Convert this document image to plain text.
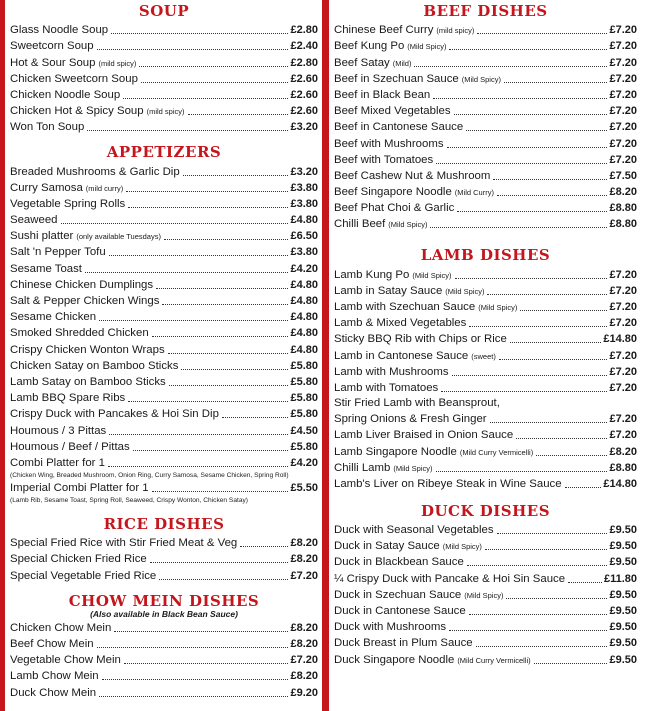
SOUP
Glass Noodle Soup	£2.80
Sweetcorn Soup	£2.40
Hot & Sour Soup (mild spicy)	£2.80
Chicken Sweetcorn Soup	£2.60
Chicken Noodle Soup	£2.60
Chicken Hot & Spicy Soup (mild spicy)	£2.60
Won Ton Soup	£3.20
APPETIZERS
Breaded Mushrooms & Garlic Dip	£3.20
Curry Samosa (mild curry)	£3.80
Vegetable Spring Rolls	£3.80
Seaweed	£4.80
Sushi platter (only available Tuesdays)	£6.50
Salt 'n Pepper Tofu	£3.80
Sesame Toast	£4.20
Chinese Chicken Dumplings	£4.80
Salt & Pepper Chicken Wings	£4.80
Sesame Chicken	£4.80
Smoked Shredded Chicken	£4.80
Crispy Chicken Wonton Wraps	£4.80
Chicken Satay on Bamboo Sticks	£5.80
Lamb Satay on Bamboo Sticks	£5.80
Lamb BBQ Spare Ribs	£5.80
Crispy Duck with Pancakes & Hoi Sin Dip	£5.80
Houmous / 3 Pittas	£4.50
Houmous / Beef / Pittas	£5.80
Combi Platter for 1	£4.20
(Chicken Wing, Breaded Mushroom, Onion Ring, Curry Samosa, Sesame Chicken, Spring Roll)
Imperial Combi Platter for 1	£5.50
(Lamb Rib, Sesame Toast, Spring Roll, Seaweed, Crispy Wonton, Chicken Satay)
RICE DISHES
Special Fried Rice with Stir Fried Meat & Veg	£8.20
Special Chicken Fried Rice	£8.20
Special Vegetable Fried Rice	£7.20
CHOW MEIN DISHES
(Also available in Black Bean Sauce)
Chicken Chow Mein	£8.20
Beef Chow Mein	£8.20
Vegetable Chow Mein	£7.20
Lamb Chow Mein	£8.20
Duck Chow Mein	£9.20
BEEF DISHES
Chinese Beef Curry (mild spicy)	£7.20
Beef Kung Po (Mild Spicy)	£7.20
Beef Satay (Mild)	£7.20
Beef in Szechuan Sauce (Mild Spicy)	£7.20
Beef in Black Bean	£7.20
Beef Mixed Vegetables	£7.20
Beef in Cantonese Sauce	£7.20
Beef with Mushrooms	£7.20
Beef with Tomatoes	£7.20
Beef Cashew Nut & Mushroom	£7.50
Beef Singapore Noodle (Mild Curry)	£8.20
Beef Phat Choi & Garlic	£8.80
Chilli Beef (Mild Spicy)	£8.80
LAMB DISHES
Lamb Kung Po (Mild Spicy)	£7.20
Lamb in Satay Sauce (Mild Spicy)	£7.20
Lamb with Szechuan Sauce (Mild Spicy)	£7.20
Lamb & Mixed Vegetables	£7.20
Sticky BBQ Rib with Chips or Rice	£14.80
Lamb in Cantonese Sauce (sweet)	£7.20
Lamb with Mushrooms	£7.20
Lamb with Tomatoes	£7.20
Stir Fried Lamb with Beansprout,
Spring Onions & Fresh Ginger	£7.20
Lamb Liver Braised in Onion Sauce	£7.20
Lamb Singapore Noodle (Mild Curry Vermicelli)	£8.20
Chilli Lamb (Mild Spicy)	£8.80
Lamb's Liver on Ribeye Steak in Wine Sauce	£14.80
DUCK DISHES
Duck with Seasonal Vegetables	£9.50
Duck in Satay Sauce (Mild Spicy)	£9.50
Duck in Blackbean Sauce	£9.50
¼ Crispy Duck with Pancake & Hoi Sin Sauce	£11.80
Duck in Szechuan Sauce (Mild Spicy)	£9.50
Duck in Cantonese Sauce	£9.50
Duck with Mushrooms	£9.50
Duck Breast in Plum Sauce	£9.50
Duck Singapore Noodle (Mild Curry Vermicelli)	£9.50
